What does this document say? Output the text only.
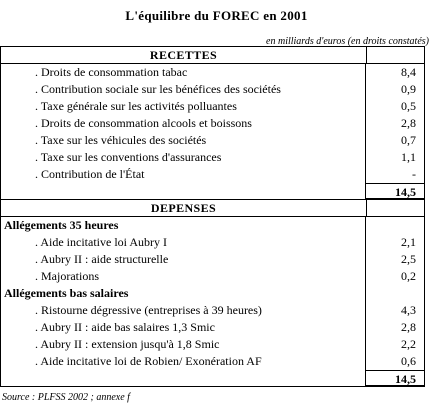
L'équilibre du FOREC en 2001
en milliards d'euros (en droits constatés)
RECETTES
. Droits de consommation tabac	8,4
. Contribution sociale sur les bénéfices des sociétés	0,9
. Taxe générale sur les activités polluantes	0,5
. Droits de consommation alcools et boissons	2,8
. Taxe sur les véhicules des sociétés	0,7
. Taxe sur les conventions d'assurances	1,1
. Contribution de l'État	-
14,5
DEPENSES
Allégements 35 heures
. Aide incitative loi Aubry I	2,1
. Aubry II : aide structurelle	2,5
. Majorations	0,2
Allégements bas salaires
. Ristourne dégressive (entreprises à 39 heures)	4,3
. Aubry II : aide bas salaires 1,3 Smic	2,8
. Aubry II : extension jusqu'à 1,8 Smic	2,2
. Aide incitative loi de Robien/ Exonération AF	0,6
14,5
Source : PLFSS 2002 ; annexe f
